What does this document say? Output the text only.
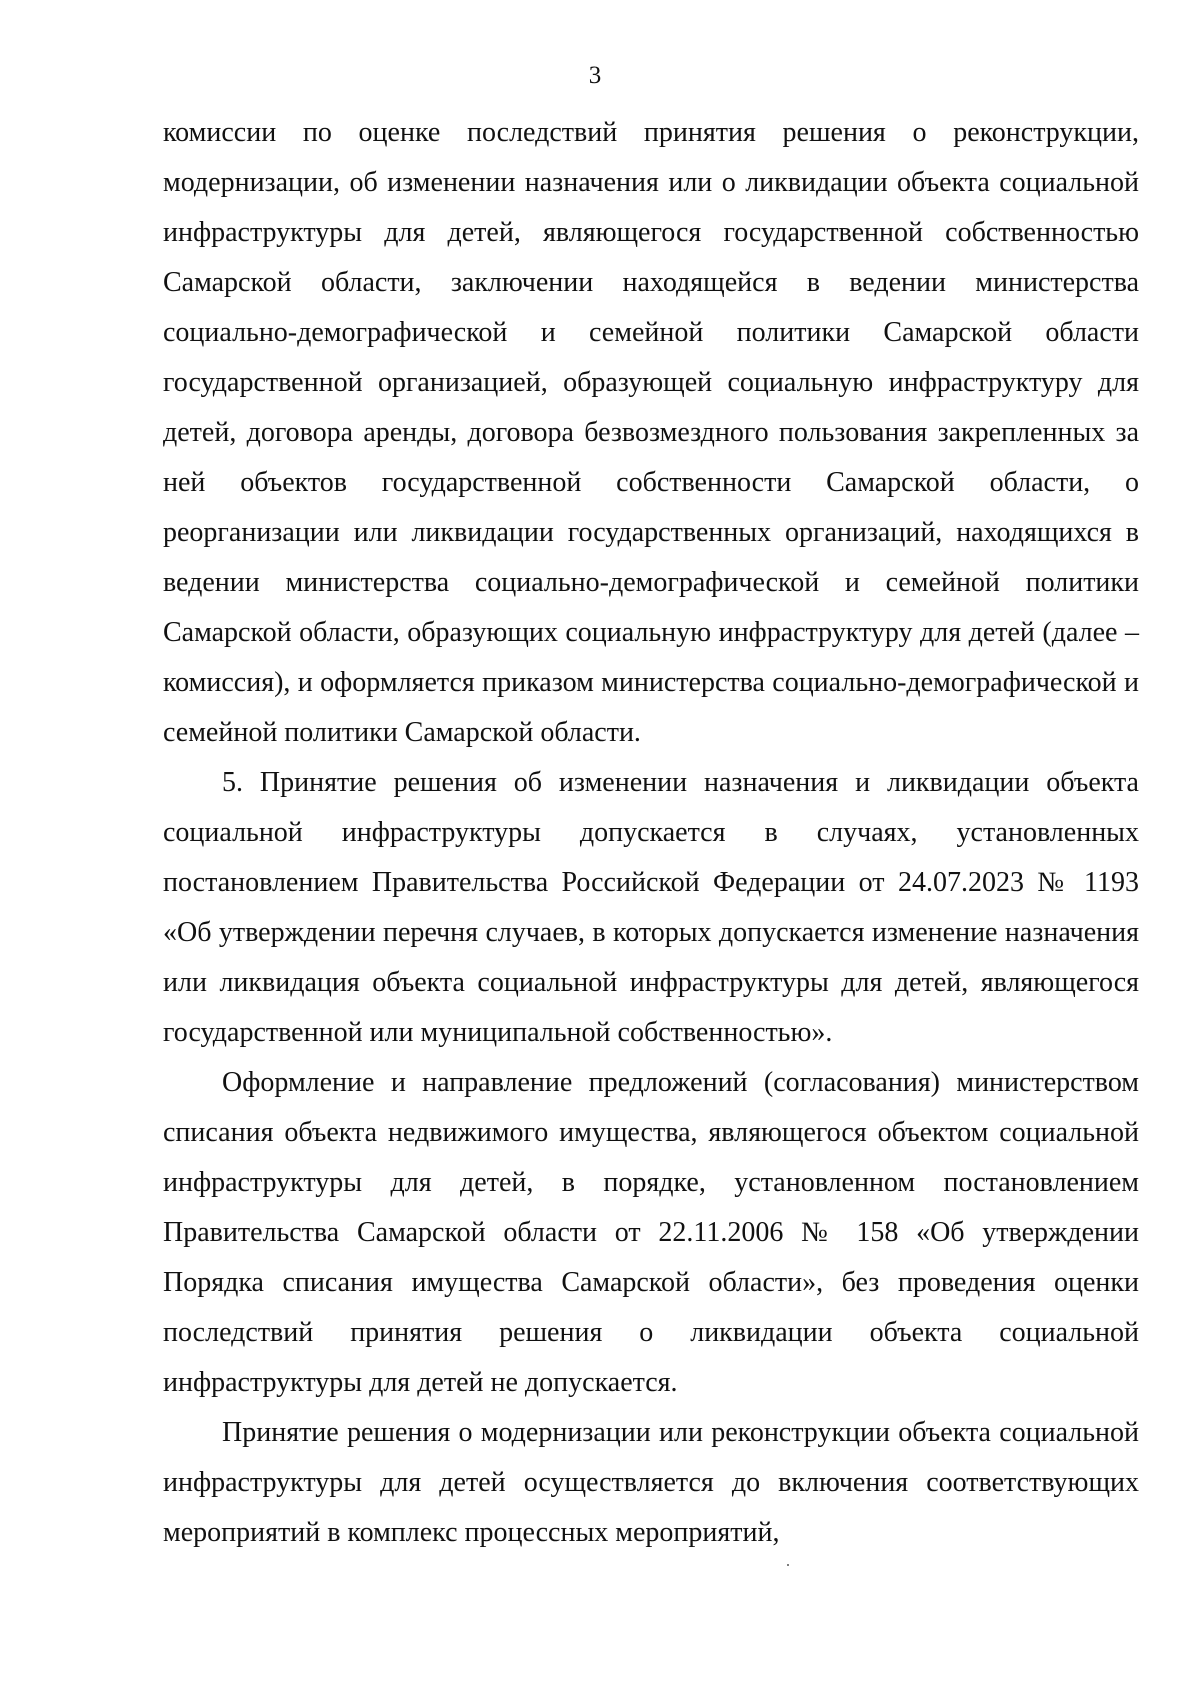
3

комиссии по оценке последствий принятия решения о реконструкции, модернизации, об изменении назначения или о ликвидации объекта социальной инфраструктуры для детей, являющегося государственной собственностью Самарской области, заключении находящейся в ведении министерства социально-демографической и семейной политики Самарской области государственной организацией, образующей социальную инфраструктуру для детей, договора аренды, договора безвозмездного пользования закрепленных за ней объектов государственной собственности Самарской области, о реорганизации или ликвидации государственных организаций, находящихся в ведении министерства социально-демографической и семейной политики Самарской области, образующих социальную инфраструктуру для детей (далее – комиссия), и оформляется приказом министерства социально-демографической и семейной политики Самарской области.

5. Принятие решения об изменении назначения и ликвидации объекта социальной инфраструктуры допускается в случаях, установленных постановлением Правительства Российской Федерации от 24.07.2023 № 1193 «Об утверждении перечня случаев, в которых допускается изменение назначения или ликвидация объекта социальной инфраструктуры для детей, являющегося государственной или муниципальной собственностью».

Оформление и направление предложений (согласования) министерством списания объекта недвижимого имущества, являющегося объектом социальной инфраструктуры для детей, в порядке, установленном постановлением Правительства Самарской области от 22.11.2006 № 158 «Об утверждении Порядка списания имущества Самарской области», без проведения оценки последствий принятия решения о ликвидации объекта социальной инфраструктуры для детей не допускается.

Принятие решения о модернизации или реконструкции объекта социальной инфраструктуры для детей осуществляется до включения соответствующих мероприятий в комплекс процессных мероприятий,
